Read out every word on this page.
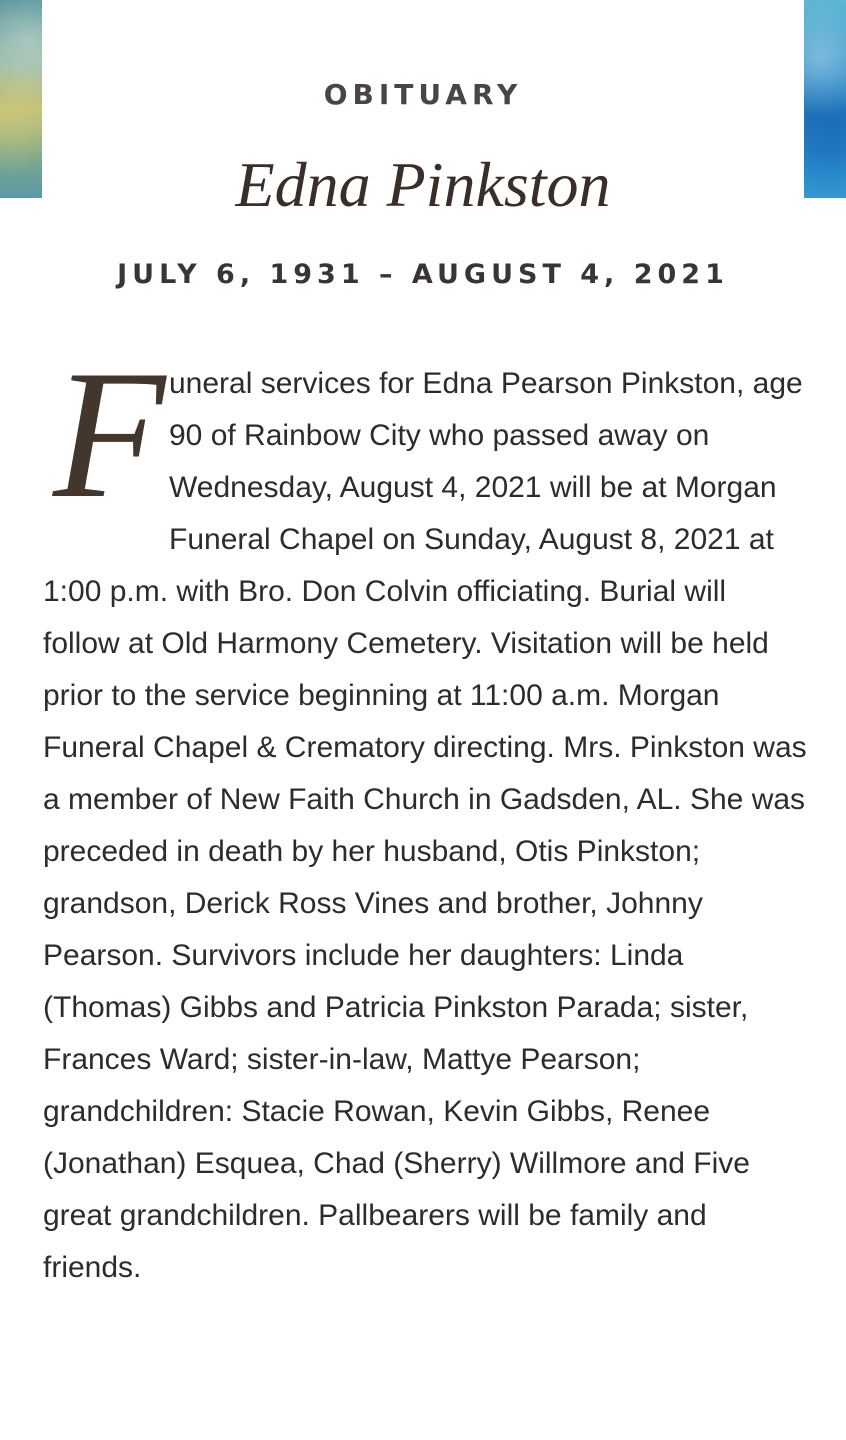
OBITUARY
Edna Pinkston
JULY 6, 1931 – AUGUST 4, 2021
F uneral services for Edna Pearson Pinkston, age 90 of Rainbow City who passed away on Wednesday, August 4, 2021 will be at Morgan Funeral Chapel on Sunday, August 8, 2021 at 1:00 p.m. with Bro. Don Colvin officiating. Burial will follow at Old Harmony Cemetery. Visitation will be held prior to the service beginning at 11:00 a.m. Morgan Funeral Chapel & Crematory directing. Mrs. Pinkston was a member of New Faith Church in Gadsden, AL. She was preceded in death by her husband, Otis Pinkston; grandson, Derick Ross Vines and brother, Johnny Pearson. Survivors include her daughters: Linda (Thomas) Gibbs and Patricia Pinkston Parada; sister, Frances Ward; sister-in-law, Mattye Pearson; grandchildren: Stacie Rowan, Kevin Gibbs, Renee (Jonathan) Esquea, Chad (Sherry) Willmore and Five great grandchildren. Pallbearers will be family and friends.
